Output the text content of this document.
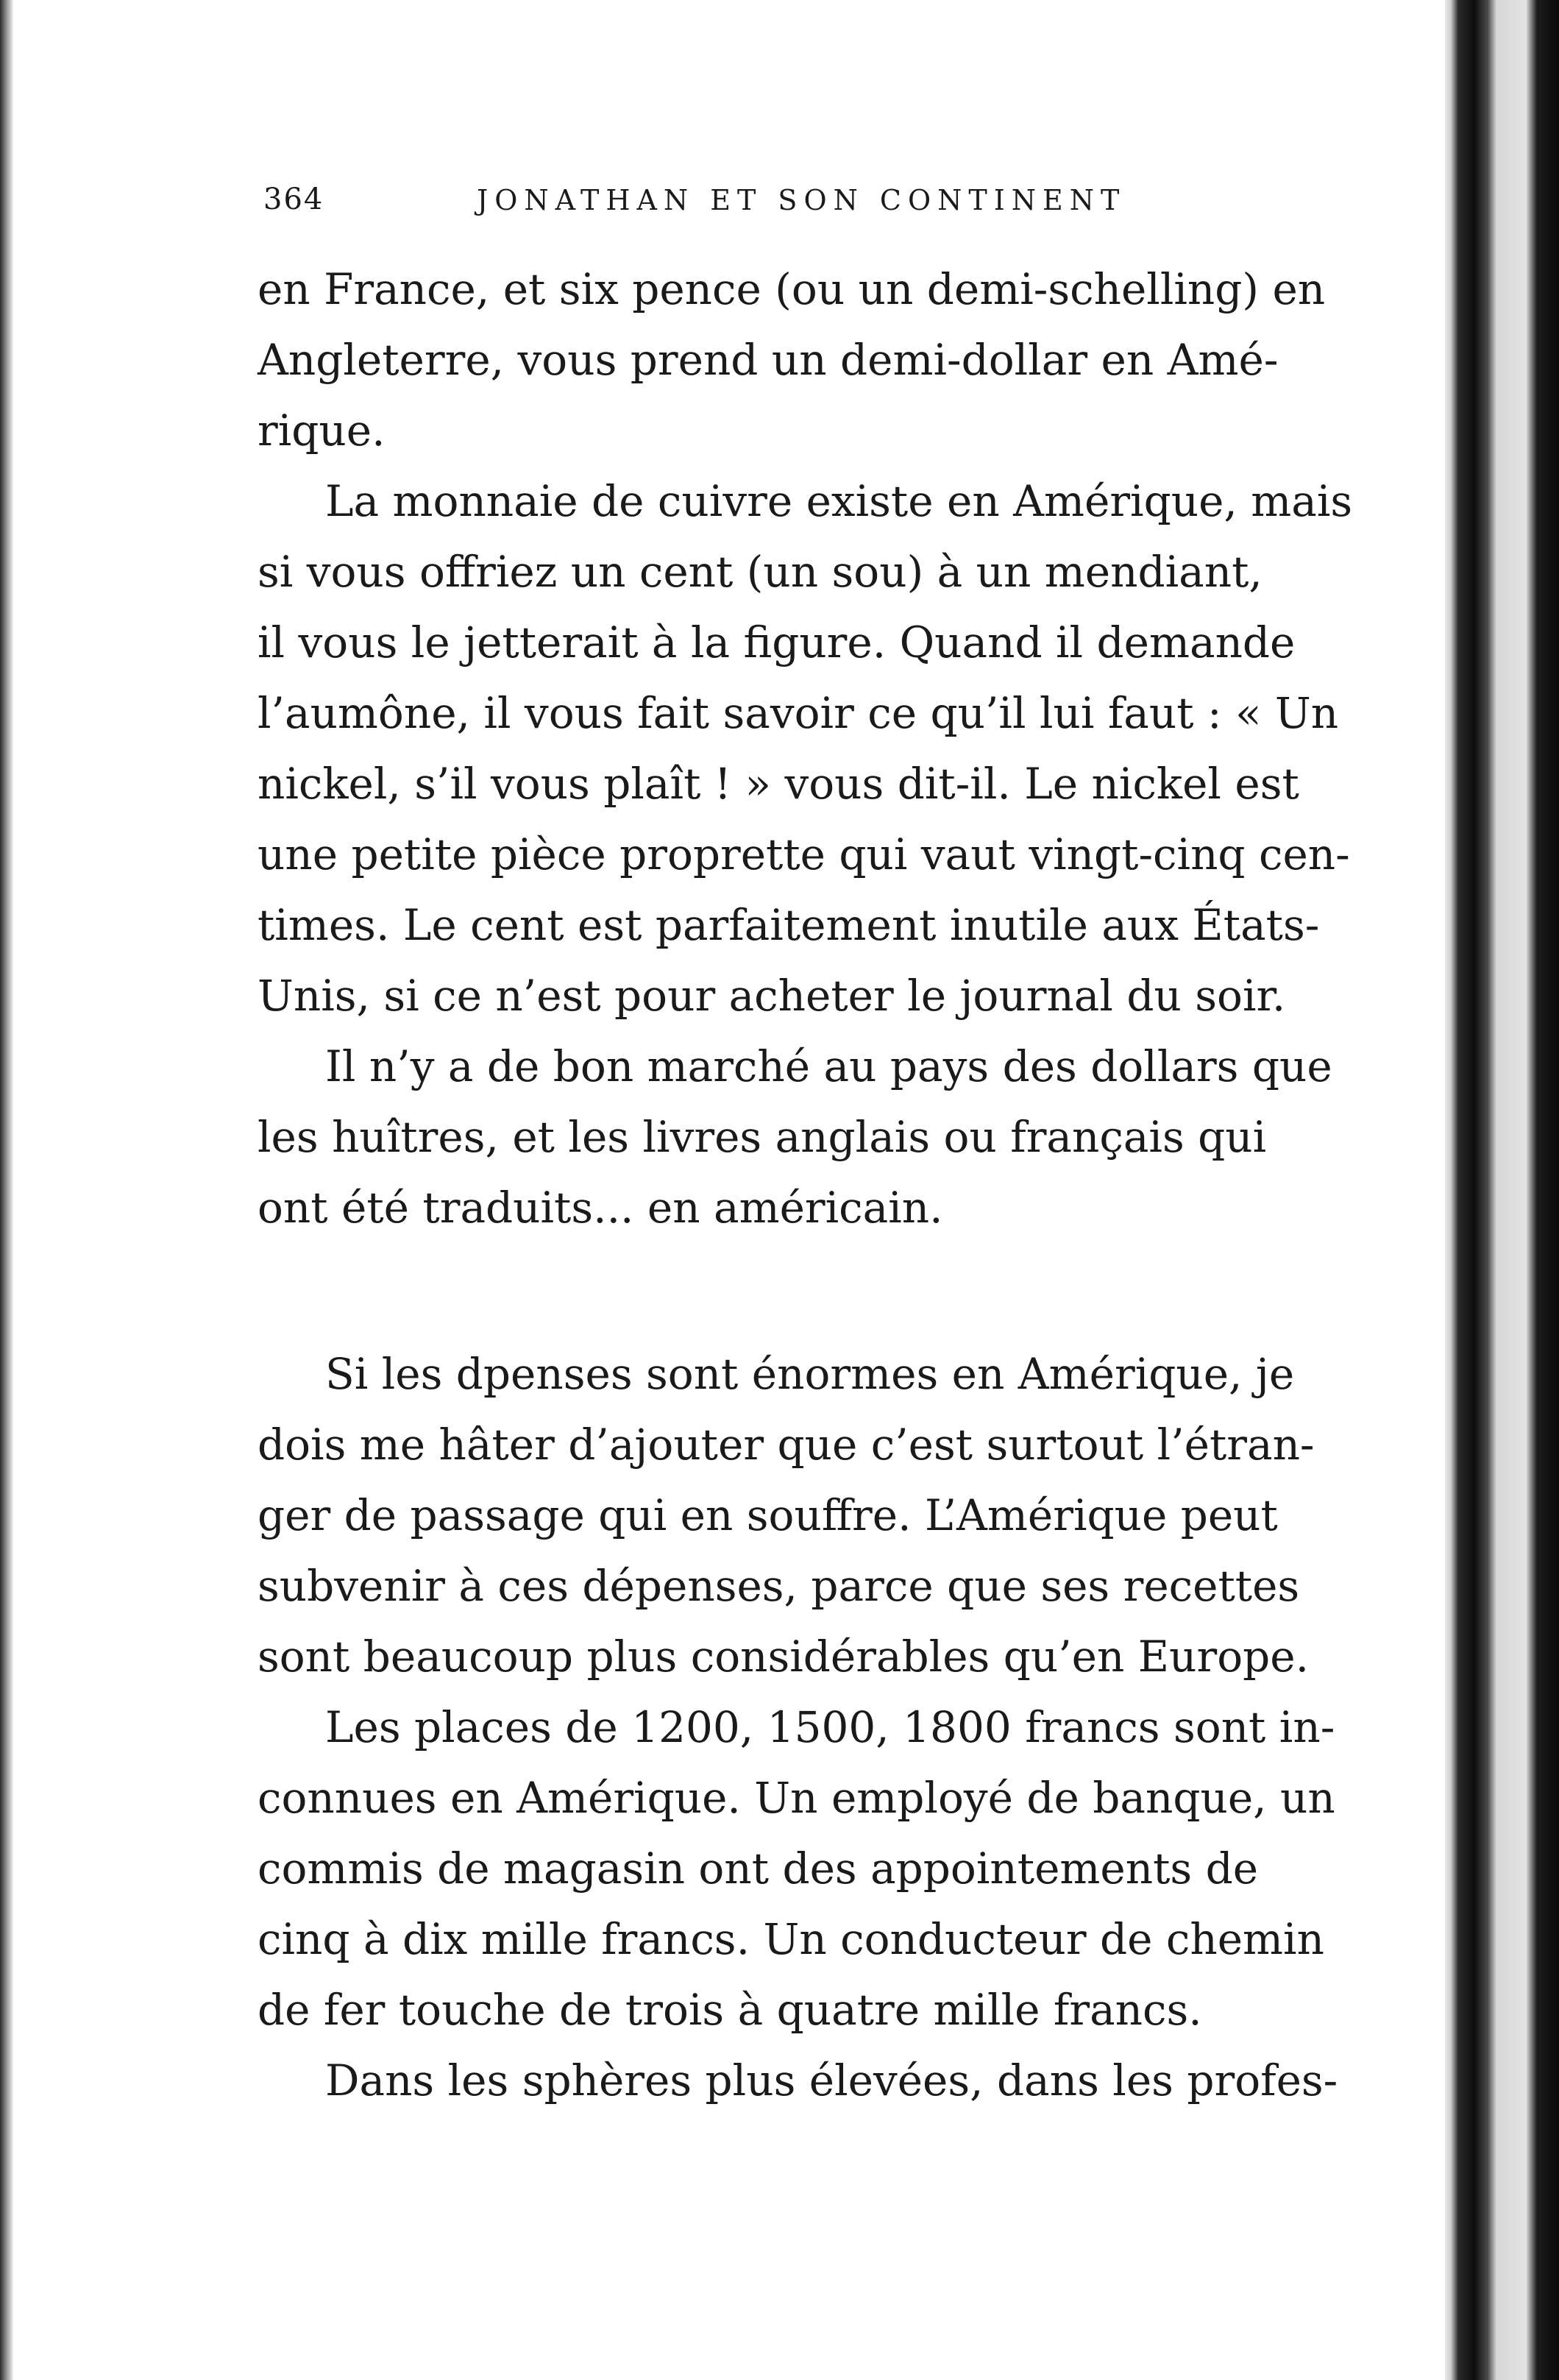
364	JONATHAN ET SON CONTINENT

en France, et six pence (ou un demi-schelling) en
Angleterre, vous prend un demi-dollar en Amé-
rique.

La monnaie de cuivre existe en Amérique, mais
si vous offriez un cent (un sou) à un mendiant,
il vous le jetterait à la figure. Quand il demande
l’aumône, il vous fait savoir ce qu’il lui faut : « Un
nickel, s’il vous plaît ! » vous dit-il. Le nickel est
une petite pièce proprette qui vaut vingt-cinq cen-
times. Le cent est parfaitement inutile aux États-
Unis, si ce n’est pour acheter le journal du soir.

Il n’y a de bon marché au pays des dollars que
les huîtres, et les livres anglais ou français qui
ont été traduits... en américain.

Si les dpenses sont énormes en Amérique, je
dois me hâter d’ajouter que c’est surtout l’étran-
ger de passage qui en souffre. L’Amérique peut
subvenir à ces dépenses, parce que ses recettes
sont beaucoup plus considérables qu’en Europe.

Les places de 1200, 1500, 1800 francs sont in-
connues en Amérique. Un employé de banque, un
commis de magasin ont des appointements de
cinq à dix mille francs. Un conducteur de chemin
de fer touche de trois à quatre mille francs.

Dans les sphères plus élevées, dans les profes-
